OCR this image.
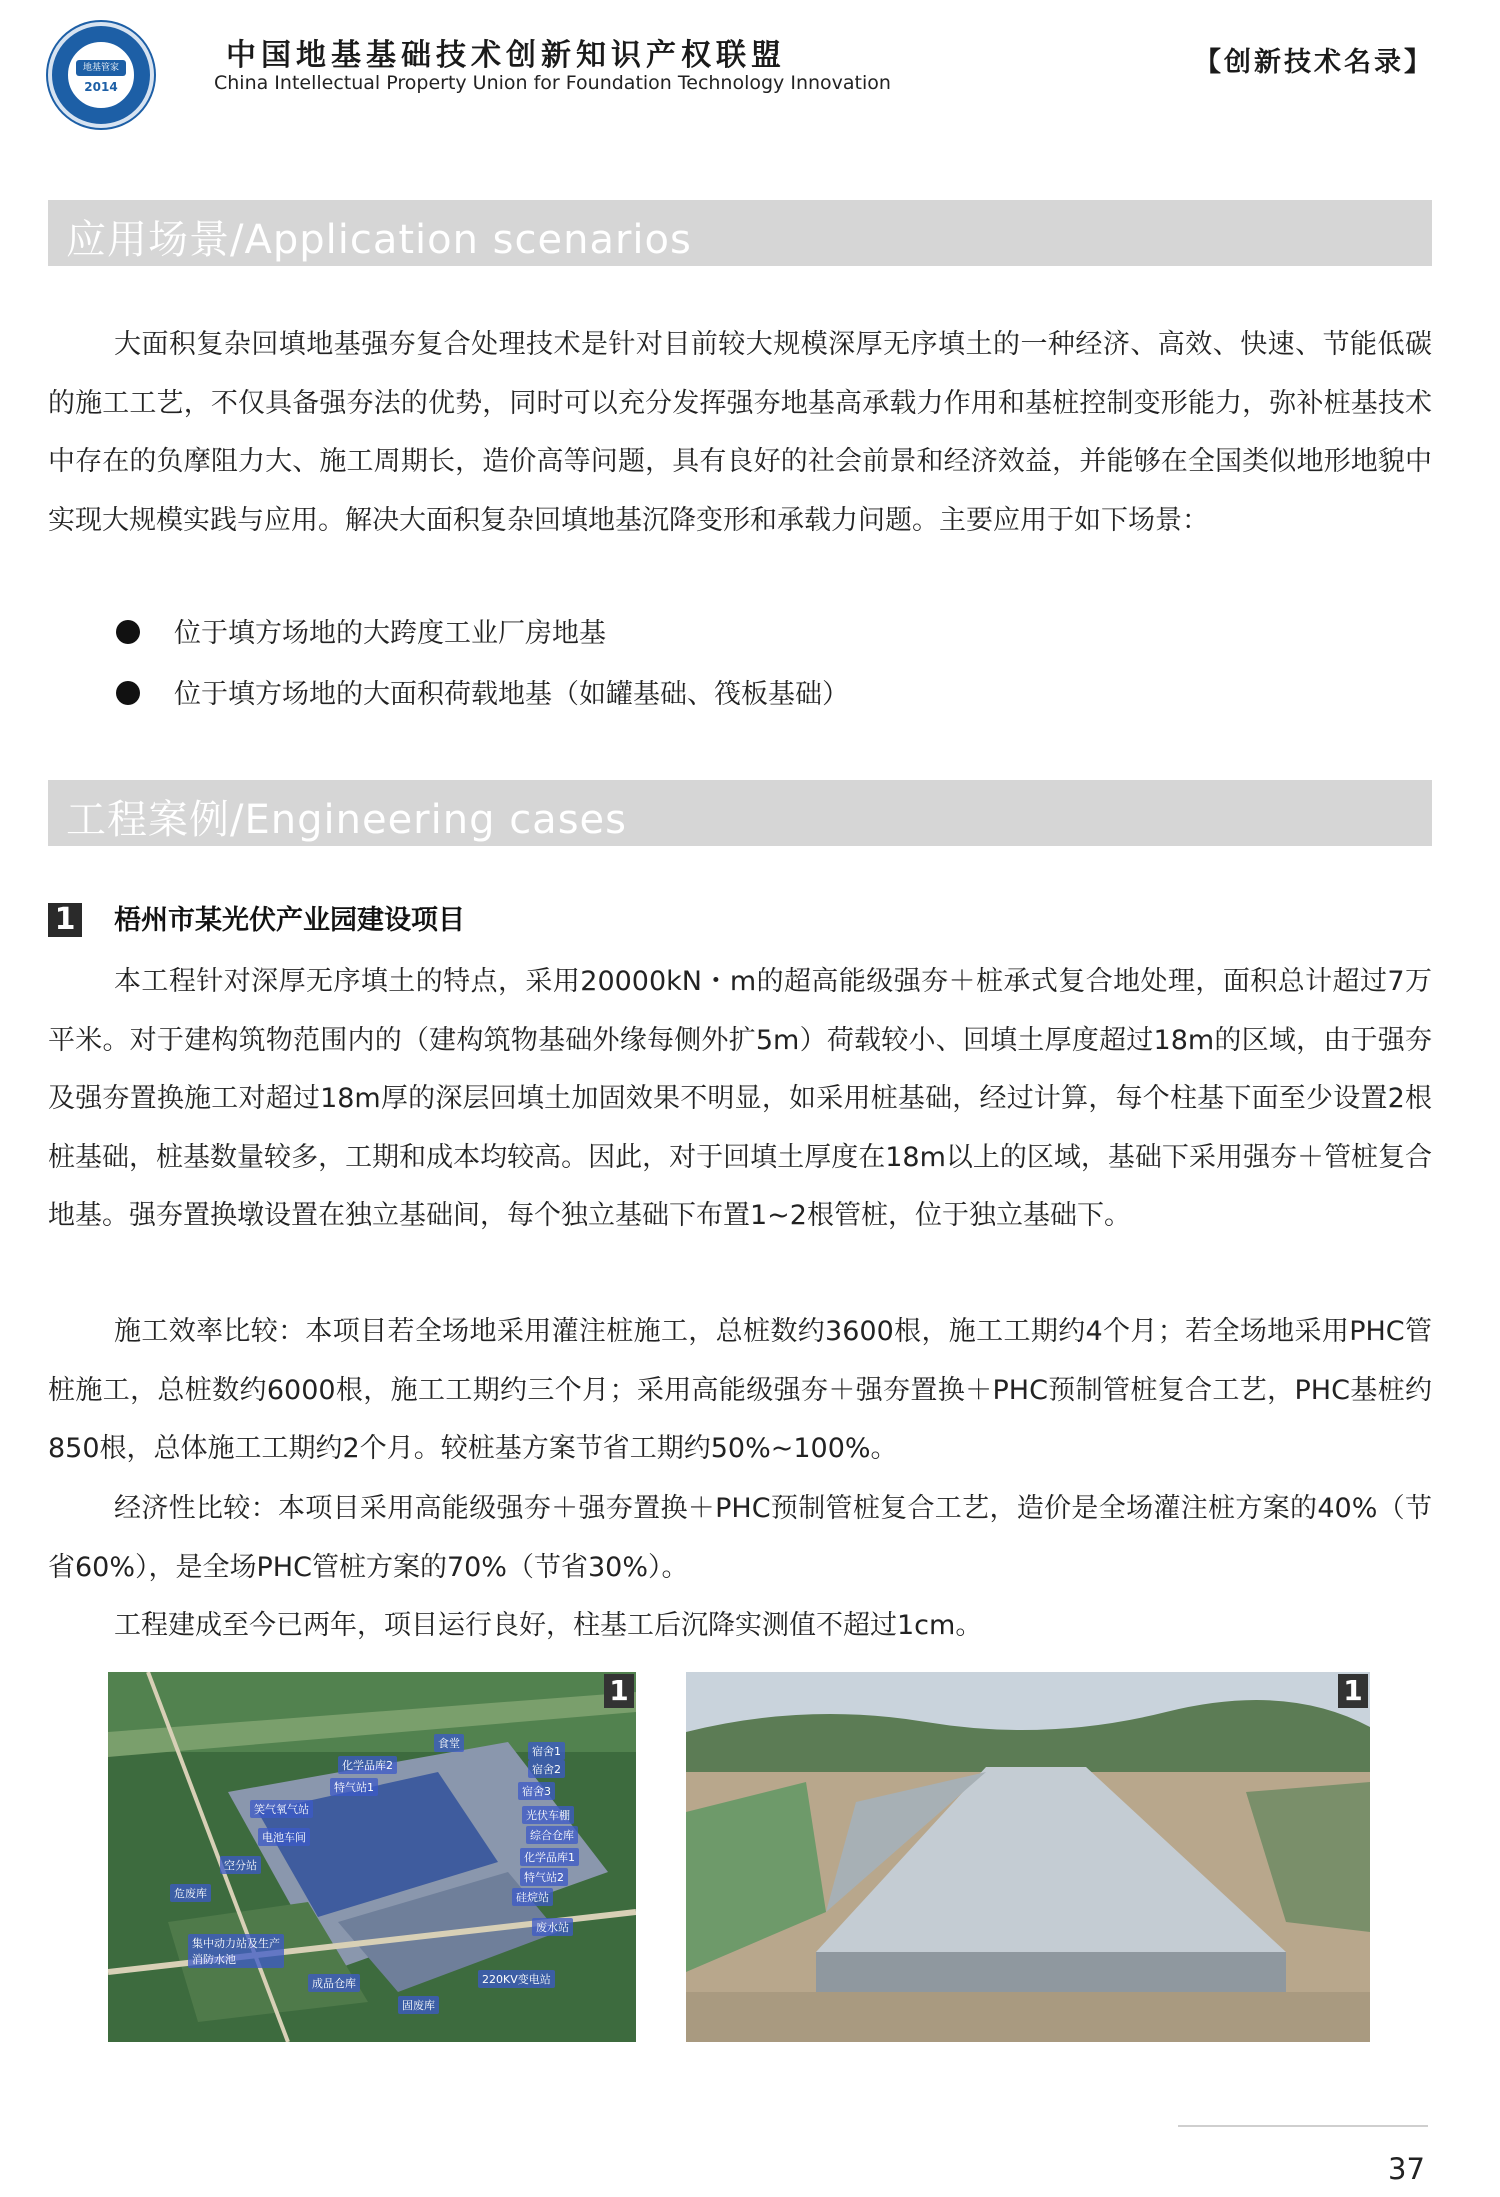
地基管家
2014
中国地基基础技术创新知识产权联盟
China Intellectual Property Union for Foundation Technology Innovation
【创新技术名录】
应用场景/Application scenarios

大面积复杂回填地基强夯复合处理技术是针对目前较大规模深厚无序填土的一种经济、高效、快速、节能低碳的施工工艺，不仅具备强夯法的优势，同时可以充分发挥强夯地基高承载力作用和基桩控制变形能力，弥补桩基技术中存在的负摩阻力大、施工周期长，造价高等问题，具有良好的社会前景和经济效益，并能够在全国类似地形地貌中实现大规模实践与应用。解决大面积复杂回填地基沉降变形和承载力问题。主要应用于如下场景：

位于填方场地的大跨度工业厂房地基
位于填方场地的大面积荷载地基（如罐基础、筏板基础）
工程案例/Engineering cases
1 梧州市某光伏产业园建设项目

本工程针对深厚无序填土的特点，采用20000kN・m的超高能级强夯＋桩承式复合地处理，面积总计超过7万平米。对于建构筑物范围内的（建构筑物基础外缘每侧外扩5m）荷载较小、回填土厚度超过18m的区域，由于强夯及强夯置换施工对超过18m厚的深层回填土加固效果不明显，如采用桩基础，经过计算，每个柱基下面至少设置2根桩基础，桩基数量较多，工期和成本均较高。因此，对于回填土厚度在18m以上的区域，基础下采用强夯＋管桩复合地基。强夯置换墩设置在独立基础间，每个独立基础下布置1~2根管桩，位于独立基础下。

施工效率比较：本项目若全场地采用灌注桩施工，总桩数约3600根，施工工期约4个月；若全场地采用PHC管桩施工，总桩数约6000根，施工工期约三个月；采用高能级强夯＋强夯置换＋PHC预制管桩复合工艺，PHC基桩约850根，总体施工工期约2个月。较桩基方案节省工期约50%~100%。

经济性比较：本项目采用高能级强夯＋强夯置换＋PHC预制管桩复合工艺，造价是全场灌注桩方案的40%（节省60%），是全场PHC管桩方案的70%（节省30%）。

工程建成至今已两年，项目运行良好，柱基工后沉降实测值不超过1cm。

化学品库2
食堂
宿舍1
宿舍2
宿舍3
特气站1
笑气氧气站	光伏车棚
综合仓库
电池车间
化学品库1
空分站
特气站2
危废库	硅烷站
废水站
集中动力站及生产消防水池
成品仓库	220KV变电站
固废库
1	1
37
